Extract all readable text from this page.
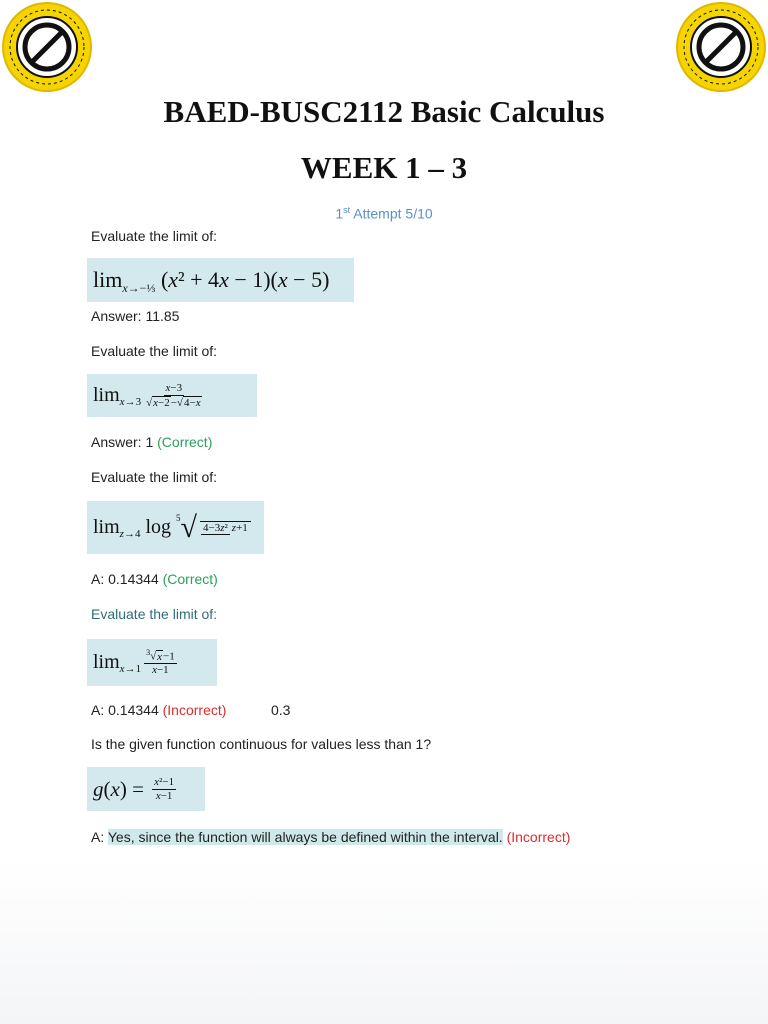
BAED-BUSC2112 Basic Calculus
WEEK 1 – 3
1st Attempt 5/10
Evaluate the limit of:
lim x→−⅓ ( x ² + 4 x − 1)( x − 5)
Answer: 11.85
Evaluate the limit of:
$\lim x\to 3 \frac{x-3}{√x-2-√4-x}$
Answer: 1 (Correct)
Evaluate the limit of:
lim z→4 log 5 √ 4−3z² z+1
A: 0.14344 (Correct)
Evaluate the limit of:
$\lim x\to 1 \frac{^3√x-1}{x-1}$
A: 0.14344 (Incorrect)	0.3
Is the given function continuous for values less than 1?
g ( x ) = $\frac{\text{x²−1}}{x-1}$
A: Yes, since the function will always be defined within the interval. (Incorrect)
